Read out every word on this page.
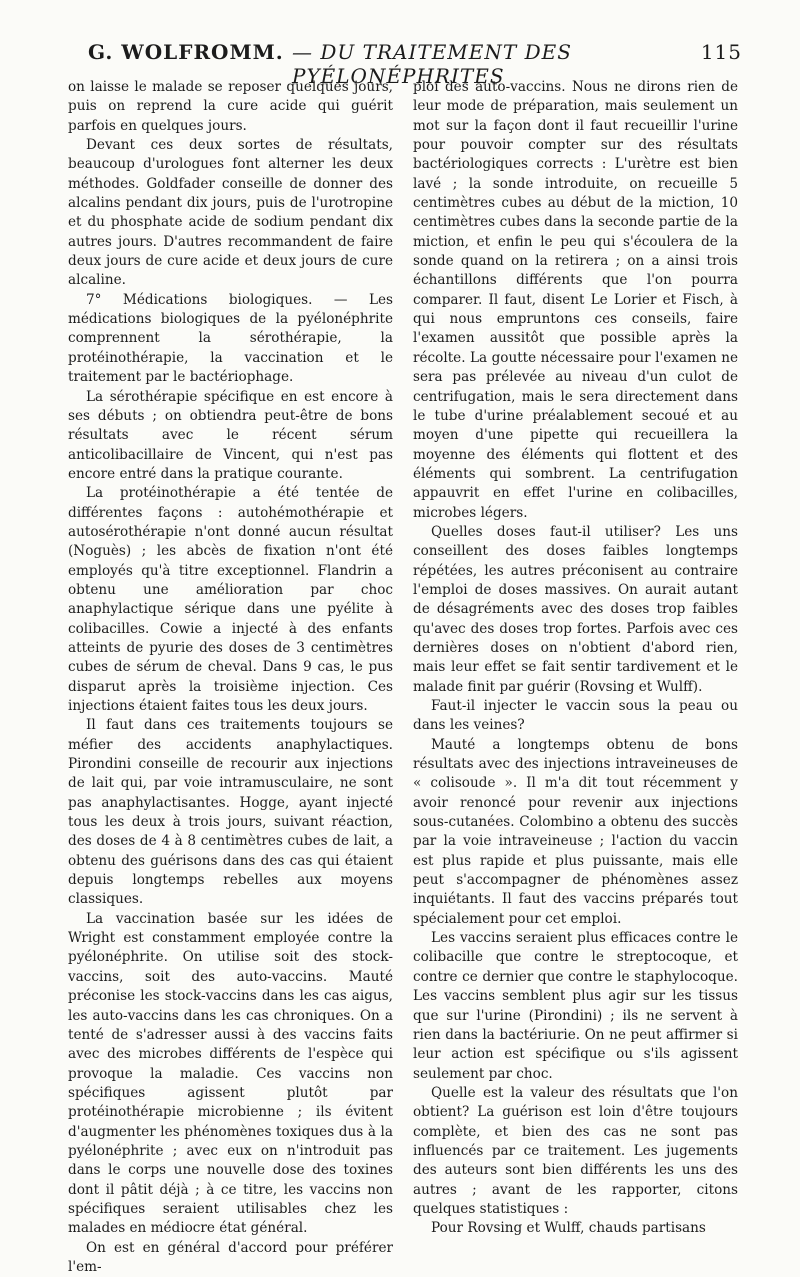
G. WOLFROMM. — DU TRAITEMENT DES PYÉLONÉPHRITES
115

on laisse le malade se reposer quelques jours, puis on reprend la cure acide qui guérit parfois en quelques jours.

Devant ces deux sortes de résultats, beaucoup d'urologues font alterner les deux méthodes. Goldfader conseille de donner des alcalins pendant dix jours, puis de l'urotropine et du phosphate acide de sodium pendant dix autres jours. D'autres recommandent de faire deux jours de cure acide et deux jours de cure alcaline.

7° Médications biologiques. — Les médications biologiques de la pyélonéphrite comprennent la sérothérapie, la protéinothérapie, la vaccination et le traitement par le bactériophage.

La sérothérapie spécifique en est encore à ses débuts ; on obtiendra peut-être de bons résultats avec le récent sérum anticolibacillaire de Vincent, qui n'est pas encore entré dans la pratique courante.

La protéinothérapie a été tentée de différentes façons : autohémothérapie et autosérothérapie n'ont donné aucun résultat (Noguès) ; les abcès de fixation n'ont été employés qu'à titre exceptionnel. Flandrin a obtenu une amélioration par choc anaphylactique sérique dans une pyélite à colibacilles. Cowie a injecté à des enfants atteints de pyurie des doses de 3 centimètres cubes de sérum de cheval. Dans 9 cas, le pus disparut après la troisième injection. Ces injections étaient faites tous les deux jours.

Il faut dans ces traitements toujours se méfier des accidents anaphylactiques. Pirondini conseille de recourir aux injections de lait qui, par voie intramusculaire, ne sont pas anaphylactisantes. Hogge, ayant injecté tous les deux à trois jours, suivant réaction, des doses de 4 à 8 centimètres cubes de lait, a obtenu des guérisons dans des cas qui étaient depuis longtemps rebelles aux moyens classiques.

La vaccination basée sur les idées de Wright est constamment employée contre la pyélonéphrite. On utilise soit des stock-vaccins, soit des auto-vaccins. Mauté préconise les stock-vaccins dans les cas aigus, les auto-vaccins dans les cas chroniques. On a tenté de s'adresser aussi à des vaccins faits avec des microbes différents de l'espèce qui provoque la maladie. Ces vaccins non spécifiques agissent plutôt par protéinothérapie microbienne ; ils évitent d'augmenter les phénomènes toxiques dus à la pyélonéphrite ; avec eux on n'introduit pas dans le corps une nouvelle dose des toxines dont il pâtit déjà ; à ce titre, les vaccins non spécifiques seraient utilisables chez les malades en médiocre état général.

On est en général d'accord pour préférer l'em-

ploi des auto-vaccins. Nous ne dirons rien de leur mode de préparation, mais seulement un mot sur la façon dont il faut recueillir l'urine pour pouvoir compter sur des résultats bactériologiques corrects : L'urètre est bien lavé ; la sonde introduite, on recueille 5 centimètres cubes au début de la miction, 10 centimètres cubes dans la seconde partie de la miction, et enfin le peu qui s'écoulera de la sonde quand on la retirera ; on a ainsi trois échantillons différents que l'on pourra comparer. Il faut, disent Le Lorier et Fisch, à qui nous empruntons ces conseils, faire l'examen aussitôt que possible après la récolte. La goutte nécessaire pour l'examen ne sera pas prélevée au niveau d'un culot de centrifugation, mais le sera directement dans le tube d'urine préalablement secoué et au moyen d'une pipette qui recueillera la moyenne des éléments qui flottent et des éléments qui sombrent. La centrifugation appauvrit en effet l'urine en colibacilles, microbes légers.

Quelles doses faut-il utiliser? Les uns conseillent des doses faibles longtemps répétées, les autres préconisent au contraire l'emploi de doses massives. On aurait autant de désagréments avec des doses trop faibles qu'avec des doses trop fortes. Parfois avec ces dernières doses on n'obtient d'abord rien, mais leur effet se fait sentir tardivement et le malade finit par guérir (Rovsing et Wulff).

Faut-il injecter le vaccin sous la peau ou dans les veines?

Mauté a longtemps obtenu de bons résultats avec des injections intraveineuses de « colisoude ». Il m'a dit tout récemment y avoir renoncé pour revenir aux injections sous-cutanées. Colombino a obtenu des succès par la voie intraveineuse ; l'action du vaccin est plus rapide et plus puissante, mais elle peut s'accompagner de phénomènes assez inquiétants. Il faut des vaccins préparés tout spécialement pour cet emploi.

Les vaccins seraient plus efficaces contre le colibacille que contre le streptocoque, et contre ce dernier que contre le staphylocoque. Les vaccins semblent plus agir sur les tissus que sur l'urine (Pirondini) ; ils ne servent à rien dans la bactériurie. On ne peut affirmer si leur action est spécifique ou s'ils agissent seulement par choc.

Quelle est la valeur des résultats que l'on obtient? La guérison est loin d'être toujours complète, et bien des cas ne sont pas influencés par ce traitement. Les jugements des auteurs sont bien différents les uns des autres ; avant de les rapporter, citons quelques statistiques :

Pour Rovsing et Wulff, chauds partisans
